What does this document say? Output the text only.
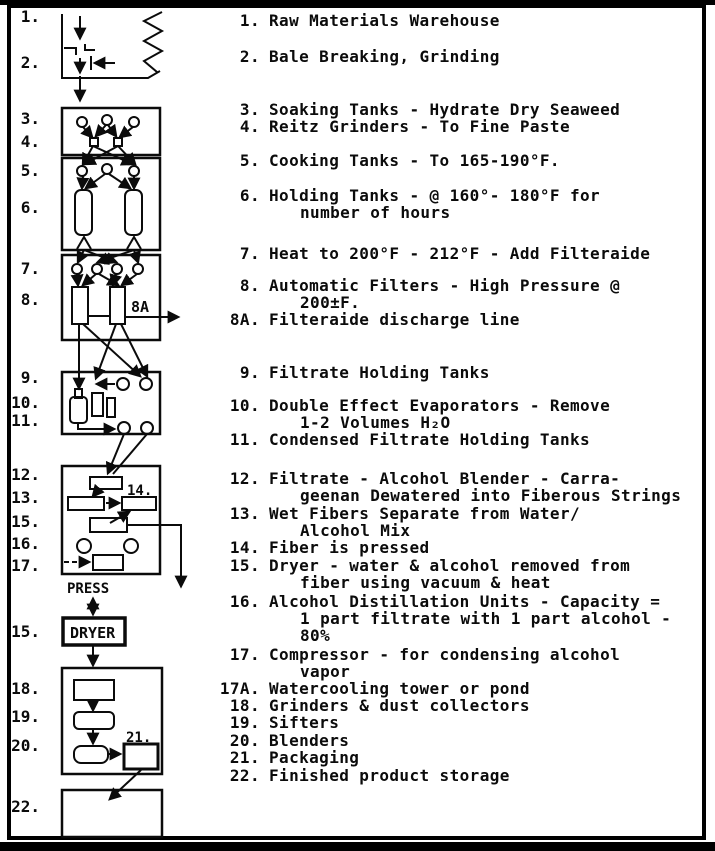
1.
2.
3.
4.
5.
6.
7.
8.
9.
10.
11.
12.
13.
15.
16.
17.
15.
18.
19.
20.
22.
8A
14.
21.
PRESS
DRYER
1. Raw Materials Warehouse
2. Bale Breaking, Grinding
3. Soaking Tanks - Hydrate Dry Seaweed
4. Reitz Grinders - To Fine Paste
5. Cooking Tanks - To 165-190°F.
6. Holding Tanks - @ 160°- 180°F for
number of hours
7. Heat to 200°F - 212°F - Add Filteraide
8. Automatic Filters - High Pressure @
200±F.
8A. Filteraide discharge line
9. Filtrate Holding Tanks
10. Double Effect Evaporators - Remove
1-2 Volumes H₂O
11. Condensed Filtrate Holding Tanks
12. Filtrate - Alcohol Blender - Carra-
geenan Dewatered into Fiberous Strings
13. Wet Fibers Separate from Water/
Alcohol Mix
14. Fiber is pressed
15. Dryer - water & alcohol removed from
fiber using vacuum & heat
16. Alcohol Distillation Units - Capacity =
1 part filtrate with 1 part alcohol -
80%
17. Compressor - for condensing alcohol
vapor
17A. Watercooling tower or pond
18. Grinders & dust collectors
19. Sifters
20. Blenders
21. Packaging
22. Finished product storage
